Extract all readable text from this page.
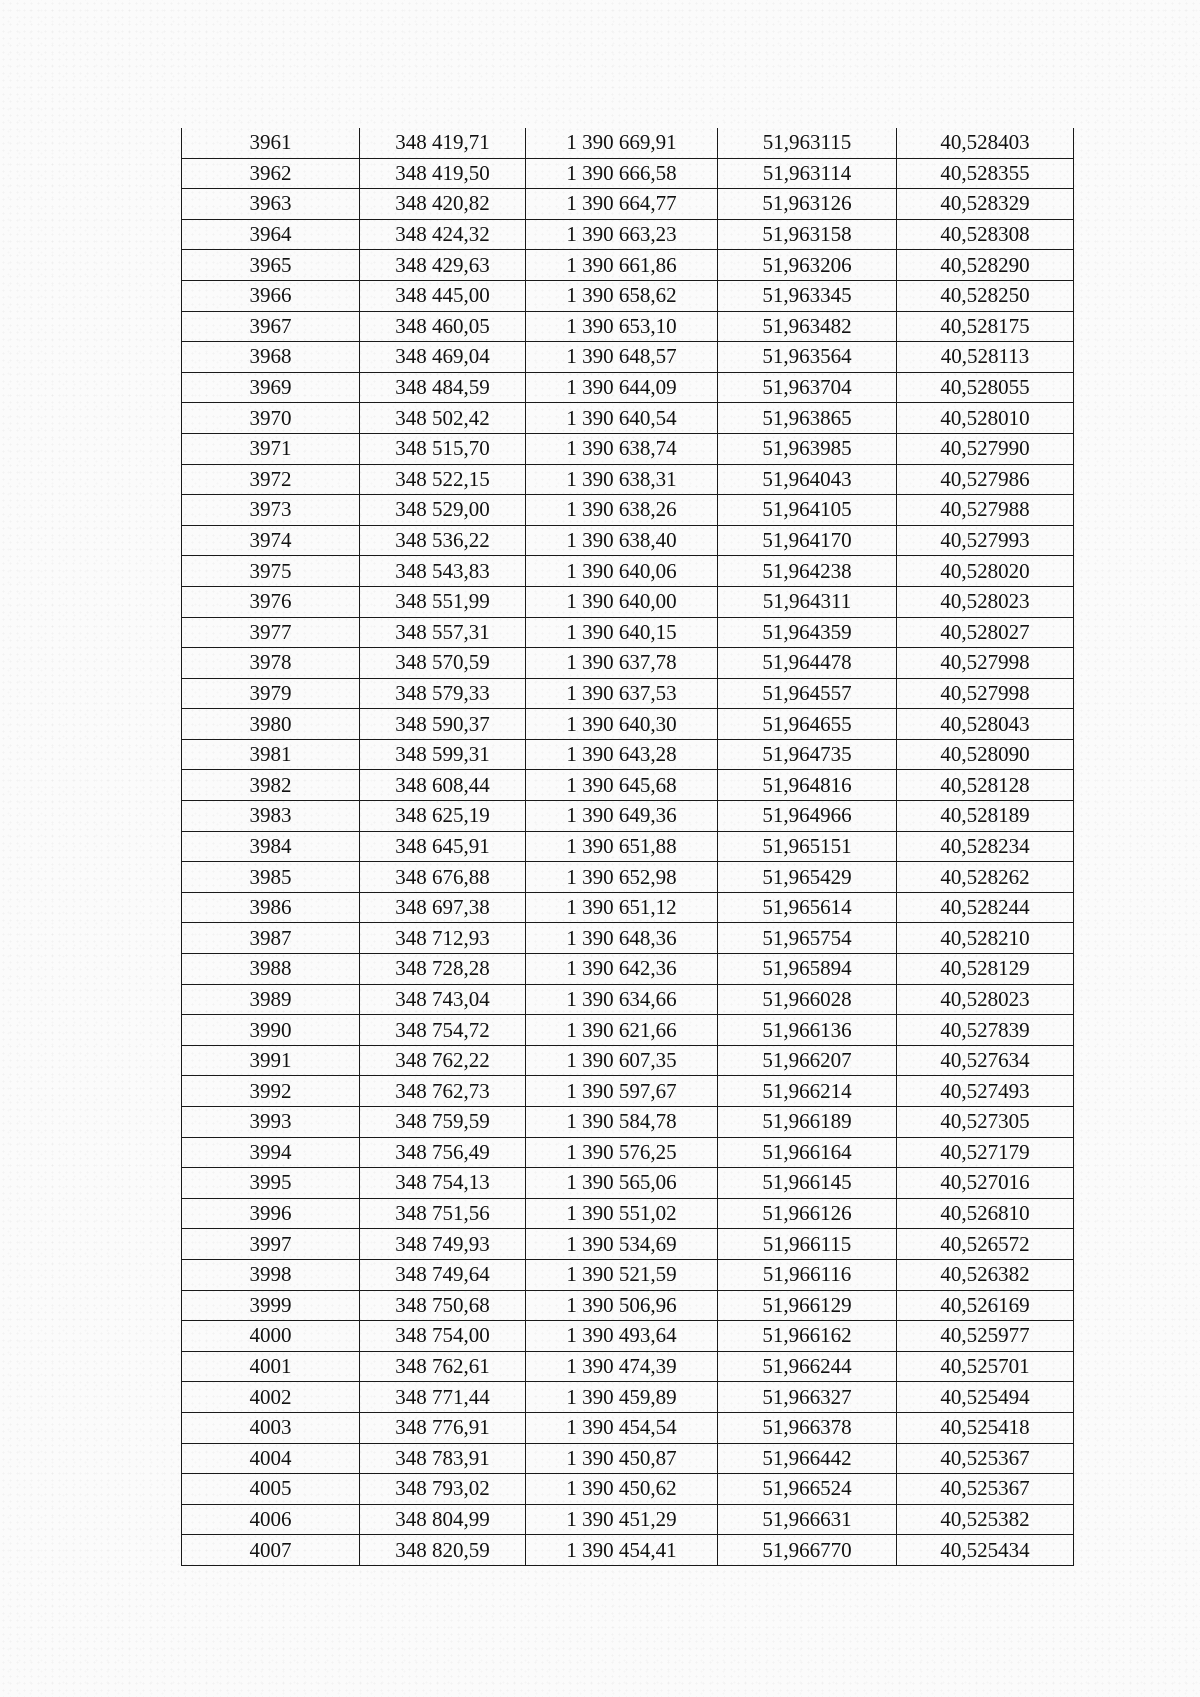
3961	348 419,71	1 390 669,91	51,963115	40,528403
3962	348 419,50	1 390 666,58	51,963114	40,528355
3963	348 420,82	1 390 664,77	51,963126	40,528329
3964	348 424,32	1 390 663,23	51,963158	40,528308
3965	348 429,63	1 390 661,86	51,963206	40,528290
3966	348 445,00	1 390 658,62	51,963345	40,528250
3967	348 460,05	1 390 653,10	51,963482	40,528175
3968	348 469,04	1 390 648,57	51,963564	40,528113
3969	348 484,59	1 390 644,09	51,963704	40,528055
3970	348 502,42	1 390 640,54	51,963865	40,528010
3971	348 515,70	1 390 638,74	51,963985	40,527990
3972	348 522,15	1 390 638,31	51,964043	40,527986
3973	348 529,00	1 390 638,26	51,964105	40,527988
3974	348 536,22	1 390 638,40	51,964170	40,527993
3975	348 543,83	1 390 640,06	51,964238	40,528020
3976	348 551,99	1 390 640,00	51,964311	40,528023
3977	348 557,31	1 390 640,15	51,964359	40,528027
3978	348 570,59	1 390 637,78	51,964478	40,527998
3979	348 579,33	1 390 637,53	51,964557	40,527998
3980	348 590,37	1 390 640,30	51,964655	40,528043
3981	348 599,31	1 390 643,28	51,964735	40,528090
3982	348 608,44	1 390 645,68	51,964816	40,528128
3983	348 625,19	1 390 649,36	51,964966	40,528189
3984	348 645,91	1 390 651,88	51,965151	40,528234
3985	348 676,88	1 390 652,98	51,965429	40,528262
3986	348 697,38	1 390 651,12	51,965614	40,528244
3987	348 712,93	1 390 648,36	51,965754	40,528210
3988	348 728,28	1 390 642,36	51,965894	40,528129
3989	348 743,04	1 390 634,66	51,966028	40,528023
3990	348 754,72	1 390 621,66	51,966136	40,527839
3991	348 762,22	1 390 607,35	51,966207	40,527634
3992	348 762,73	1 390 597,67	51,966214	40,527493
3993	348 759,59	1 390 584,78	51,966189	40,527305
3994	348 756,49	1 390 576,25	51,966164	40,527179
3995	348 754,13	1 390 565,06	51,966145	40,527016
3996	348 751,56	1 390 551,02	51,966126	40,526810
3997	348 749,93	1 390 534,69	51,966115	40,526572
3998	348 749,64	1 390 521,59	51,966116	40,526382
3999	348 750,68	1 390 506,96	51,966129	40,526169
4000	348 754,00	1 390 493,64	51,966162	40,525977
4001	348 762,61	1 390 474,39	51,966244	40,525701
4002	348 771,44	1 390 459,89	51,966327	40,525494
4003	348 776,91	1 390 454,54	51,966378	40,525418
4004	348 783,91	1 390 450,87	51,966442	40,525367
4005	348 793,02	1 390 450,62	51,966524	40,525367
4006	348 804,99	1 390 451,29	51,966631	40,525382
4007	348 820,59	1 390 454,41	51,966770	40,525434
